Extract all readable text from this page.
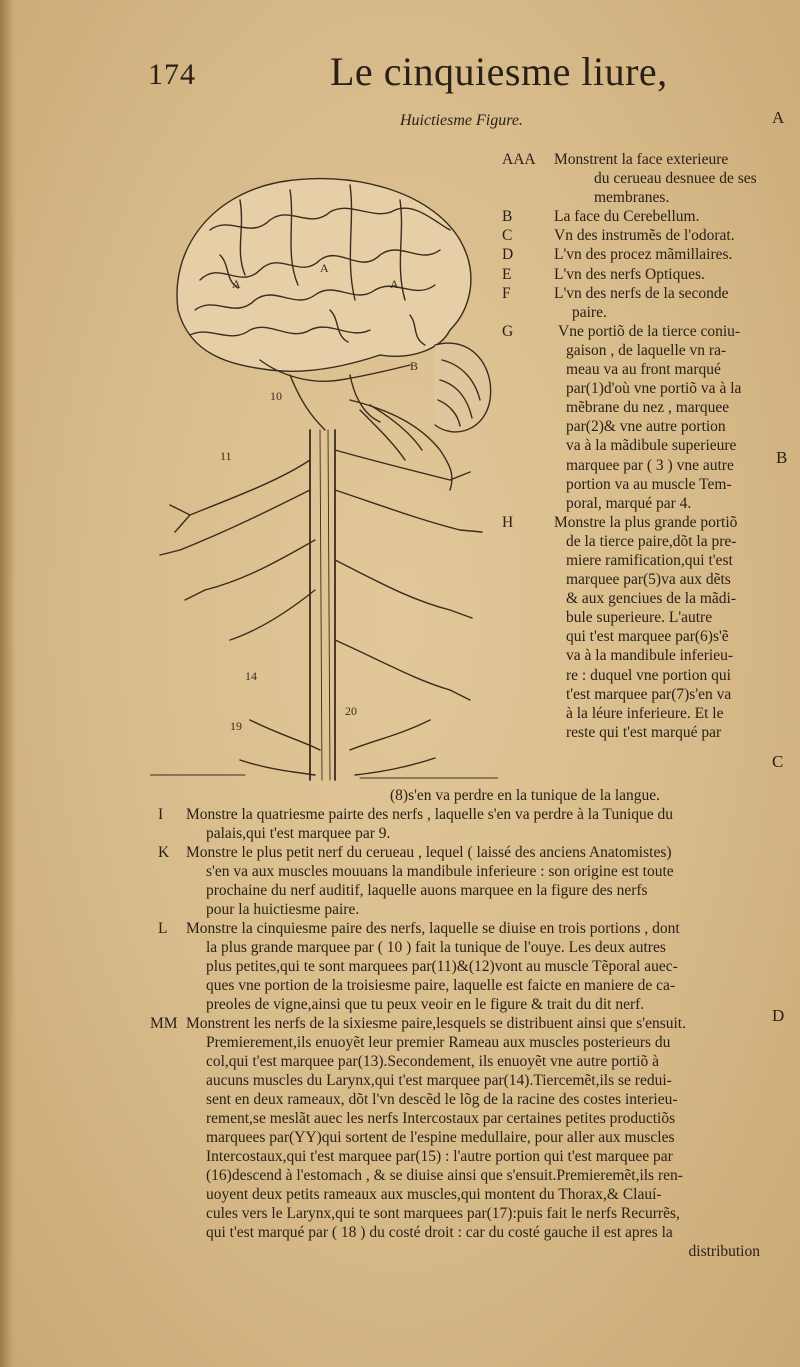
174	Le cinquiesme liure,
Huictiesme Figure.	A
B
C
D
A
A
A
B
10
11
14
19
20
AAA Monstrent la face exterieure
du cerueau desnuee de ses
membranes.
B	La face du Cerebellum.
C	Vn des instrumẽs de l'odorat.
D	L'vn des procez mãmillaires.
E	L'vn des nerfs Optiques.
F	L'vn des nerfs de la seconde
paire.
G	Vne portiõ de la tierce coniu-
gaison , de laquelle vn ra-
meau va au front marqué
par(1)d'où vne portiõ va à la
mẽbrane du nez , marquee
par(2)& vne autre portion
va à la mãdibule superieure
marquee par ( 3 ) vne autre
portion va au muscle Tem-
poral, marqué par 4.
H	Monstre la plus grande portiõ
de la tierce paire,dõt la pre-
miere ramification,qui t'est
marquee par(5)va aux dẽts
& aux genciues de la mãdi-
bule superieure. L'autre
qui t'est marquee par(6)s'ẽ
va à la mandibule inferieu-
re : duquel vne portion qui
t'est marquee par(7)s'en va
à la léure inferieure. Et le
reste qui t'est marqué par
(8)s'en va perdre en la tunique de la langue.
I Monstre la quatriesme pairte des nerfs , laquelle s'en va perdre à la Tunique du
palais,qui t'est marquee par 9.
K Monstre le plus petit nerf du cerueau , lequel ( laissé des anciens Anatomistes)
s'en va aux muscles mouuans la mandibule inferieure : son origine est toute
prochaine du nerf auditif, laquelle auons marquee en la figure des nerfs
pour la huictiesme paire.
L Monstre la cinquiesme paire des nerfs, laquelle se diuise en trois portions , dont
la plus grande marquee par ( 10 ) fait la tunique de l'ouye. Les deux autres
plus petites,qui te sont marquees par(11)&(12)vont au muscle Tẽporal auec-
ques vne portion de la troisiesme paire, laquelle est faicte en maniere de ca-
preoles de vigne,ainsi que tu peux veoir en le figure & trait du dit nerf.
MM Monstrent les nerfs de la sixiesme paire,lesquels se distribuent ainsi que s'ensuit.
Premierement,ils enuoyẽt leur premier Rameau aux muscles posterieurs du
col,qui t'est marquee par(13).Secondement, ils enuoyẽt vne autre portiõ à
aucuns muscles du Larynx,qui t'est marquee par(14).Tiercemẽt,ils se redui-
sent en deux rameaux, dõt l'vn descẽd le lõg de la racine des costes interieu-
rement,se meslãt auec les nerfs Intercostaux par certaines petites productiõs
marquees par(YY)qui sortent de l'espine medullaire, pour aller aux muscles
Intercostaux,qui t'est marquee par(15) : l'autre portion qui t'est marquee par
(16)descend à l'estomach , & se diuise ainsi que s'ensuit.Premieremẽt,ils ren-
uoyent deux petits rameaux aux muscles,qui montent du Thorax,& Clauí-
cules vers le Larynx,qui te sont marquees par(17):puis fait le nerfs Recurrẽs,
qui t'est marqué par ( 18 ) du costé droit : car du costé gauche il est apres la
distribution
